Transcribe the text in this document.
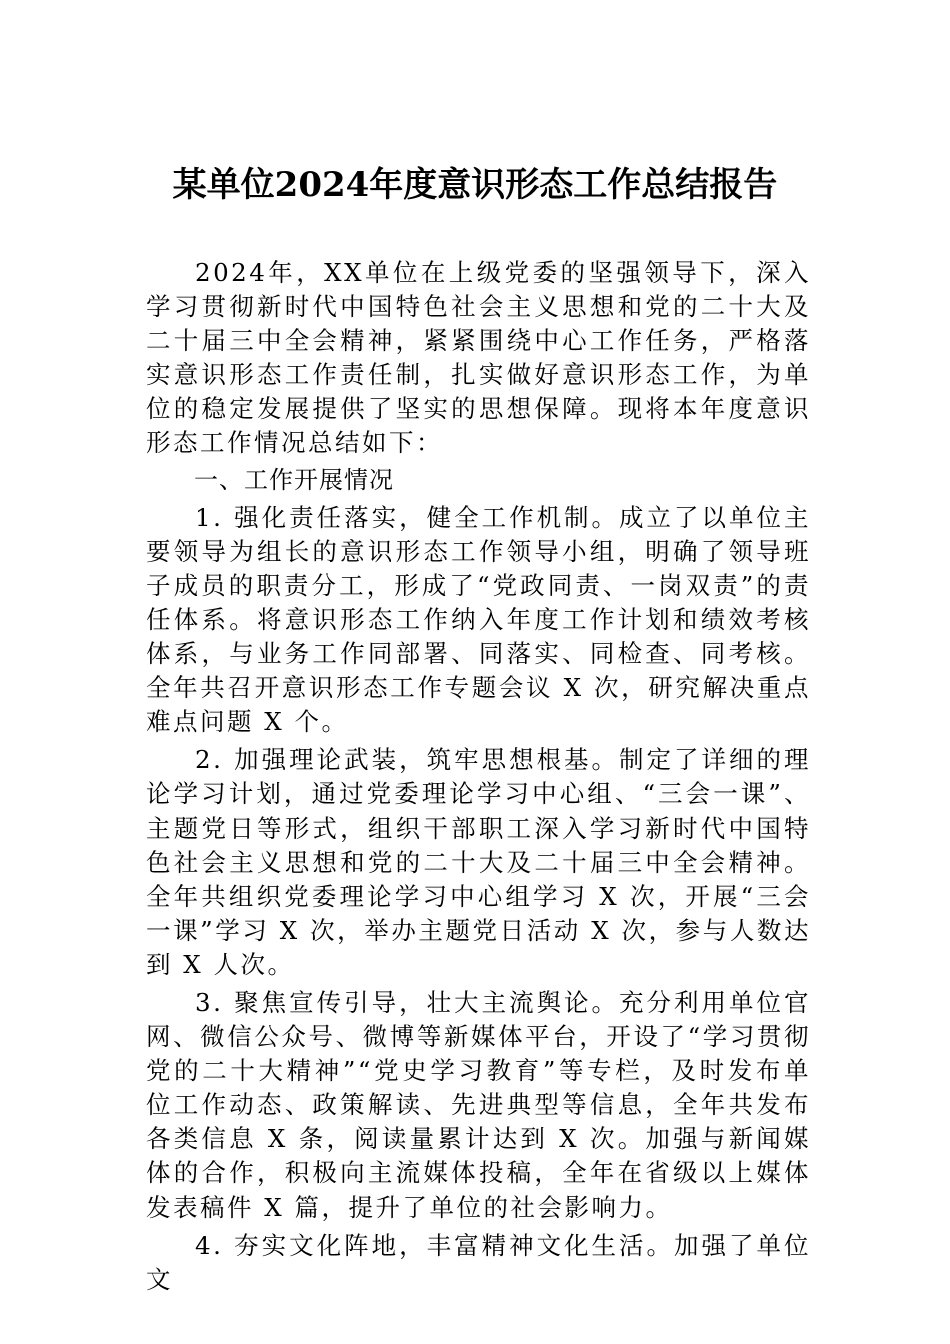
某单位2024年度意识形态工作总结报告

2024年，XX单位在上级党委的坚强领导下，深入学习贯彻新时代中国特色社会主义思想和党的二十大及二十届三中全会精神，紧紧围绕中心工作任务，严格落实意识形态工作责任制，扎实做好意识形态工作，为单位的稳定发展提供了坚实的思想保障。现将本年度意识形态工作情况总结如下：

一、工作开展情况

1. 强化责任落实，健全工作机制。成立了以单位主要领导为组长的意识形态工作领导小组，明确了领导班子成员的职责分工，形成了“党政同责、一岗双责”的责任体系。将意识形态工作纳入年度工作计划和绩效考核体系，与业务工作同部署、同落实、同检查、同考核。全年共召开意识形态工作专题会议 X 次，研究解决重点难点问题 X 个。

2. 加强理论武装，筑牢思想根基。制定了详细的理论学习计划，通过党委理论学习中心组、“三会一课”、主题党日等形式，组织干部职工深入学习新时代中国特色社会主义思想和党的二十大及二十届三中全会精神。全年共组织党委理论学习中心组学习 X 次，开展“三会一课”学习 X 次，举办主题党日活动 X 次，参与人数达到 X 人次。

3. 聚焦宣传引导，壮大主流舆论。充分利用单位官网、微信公众号、微博等新媒体平台，开设了“学习贯彻党的二十大精神”“党史学习教育”等专栏，及时发布单位工作动态、政策解读、先进典型等信息，全年共发布各类信息 X 条，阅读量累计达到 X 次。加强与新闻媒体的合作，积极向主流媒体投稿，全年在省级以上媒体发表稿件 X 篇，提升了单位的社会影响力。

4. 夯实文化阵地，丰富精神文化生活。加强了单位文
